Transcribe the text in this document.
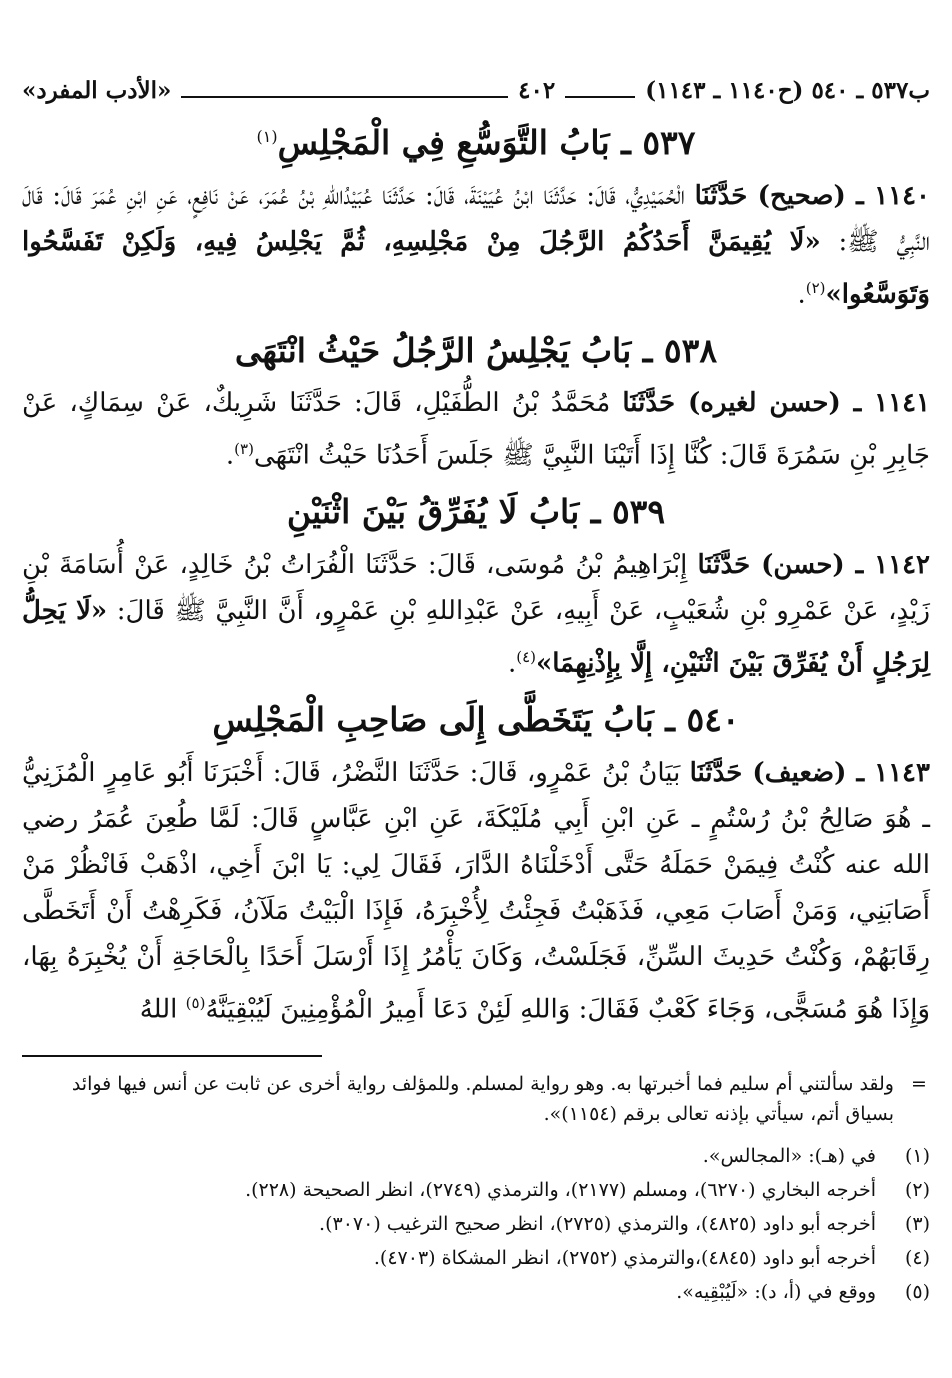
ب٥٣٧ ـ ٥٤٠ (ح١١٤٠ ـ ١١٤٣)
٤٠٢
«الأدب المفرد»
٥٣٧ ـ بَابُ التَّوَسُّعِ فِي الْمَجْلِسِ$^{(١)}$

١١٤٠ ـ (صحيح) حَدَّثَنَا الْحُمَيْدِيُّ، قَالَ: حَدَّثَنَا ابْنُ عُيَيْنَةَ، قَالَ: حَدَّثَنَا عُبَيْدُاللهِ بْنُ عُمَرَ، عَنْ نَافِعٍ، عَنِ ابْنِ عُمَرَ قَالَ: قَالَ النَّبِيُّ ﷺ: «لَا يُقِيمَنَّ أَحَدُكُمُ الرَّجُلَ مِنْ مَجْلِسِهِ، ثُمَّ يَجْلِسُ فِيهِ، وَلَكِنْ تَفَسَّحُوا وَتَوَسَّعُوا»$^{(٢)}$.

٥٣٨ ـ بَابُ يَجْلِسُ الرَّجُلُ حَيْثُ انْتَهَى

١١٤١ ـ (حسن لغيره) حَدَّثَنَا مُحَمَّدُ بْنُ الطُّفَيْلِ، قَالَ: حَدَّثَنَا شَرِيكٌ، عَنْ سِمَاكٍ، عَنْ جَابِرِ بْنِ سَمُرَةَ قَالَ: كُنَّا إِذَا أَتَيْنَا النَّبِيَّ ﷺ جَلَسَ أَحَدُنَا حَيْثُ انْتَهَى$^{(٣)}$.

٥٣٩ ـ بَابُ لَا يُفَرِّقُ بَيْنَ اثْنَيْنِ

١١٤٢ ـ (حسن) حَدَّثَنَا إِبْرَاهِيمُ بْنُ مُوسَى، قَالَ: حَدَّثَنَا الْفُرَاتُ بْنُ خَالِدٍ، عَنْ أُسَامَةَ بْنِ زَيْدٍ، عَنْ عَمْرِو بْنِ شُعَيْبٍ، عَنْ أَبِيهِ، عَنْ عَبْدِاللهِ بْنِ عَمْرٍو، أَنَّ النَّبِيَّ ﷺ قَالَ: «لَا يَحِلُّ لِرَجُلٍ أَنْ يُفَرِّقَ بَيْنَ اثْنَيْنِ، إِلَّا بِإِذْنِهِمَا»$^{(٤)}$.

٥٤٠ ـ بَابُ يَتَخَطَّى إِلَى صَاحِبِ الْمَجْلِسِ

١١٤٣ ـ (ضعيف) حَدَّثَنَا بَيَانُ بْنُ عَمْرٍو، قَالَ: حَدَّثَنَا النَّضْرُ، قَالَ: أَخْبَرَنَا أَبُو عَامِرٍ الْمُزَنِيُّ ـ هُوَ صَالِحُ بْنُ رُسْتُمٍ ـ عَنِ ابْنِ أَبِي مُلَيْكَةَ، عَنِ ابْنِ عَبَّاسٍ قَالَ: لَمَّا طُعِنَ عُمَرُ رضي الله عنه كُنْتُ فِيمَنْ حَمَلَهُ حَتَّى أَدْخَلْنَاهُ الدَّارَ، فَقَالَ لِي: يَا ابْنَ أَخِي، اذْهَبْ فَانْظُرْ مَنْ أَصَابَنِي، وَمَنْ أَصَابَ مَعِي، فَذَهَبْتُ فَجِئْتُ لِأُخْبِرَهُ، فَإِذَا الْبَيْتُ مَلَآنُ، فَكَرِهْتُ أَنْ أَتَخَطَّى رِقَابَهُمْ، وَكُنْتُ حَدِيثَ السِّنِّ، فَجَلَسْتُ، وَكَانَ يَأْمُرُ إِذَا أَرْسَلَ أَحَدًا بِالْحَاجَةِ أَنْ يُخْبِرَهُ بِهَا، وَإِذَا هُوَ مُسَجًّى، وَجَاءَ كَعْبٌ فَقَالَ: وَاللهِ لَئِنْ دَعَا أَمِيرُ الْمُؤْمِنِينَ لَيُبْقِيَنَّهُ$^{(٥)}$ اللهُ

=
ولقد سألتني أم سليم فما أخبرتها به. وهو رواية لمسلم. وللمؤلف رواية أخرى عن ثابت عن أنس فيها فوائد بسياق أتم، سيأتي بإذنه تعالى برقم (١١٥٤)».
(١)
في (هـ): «المجالس».
(٢)
أخرجه البخاري (٦٢٧٠)، ومسلم (٢١٧٧)، والترمذي (٢٧٤٩)، انظر الصحيحة (٢٢٨).
(٣)
أخرجه أبو داود (٤٨٢٥)، والترمذي (٢٧٢٥)، انظر صحيح الترغيب (٣٠٧٠).
(٤)
أخرجه أبو داود (٤٨٤٥)،والترمذي (٢٧٥٢)، انظر المشكاة (٤٧٠٣).
(٥)
ووقع في (أ، د): «لَيُبْقِيه».
